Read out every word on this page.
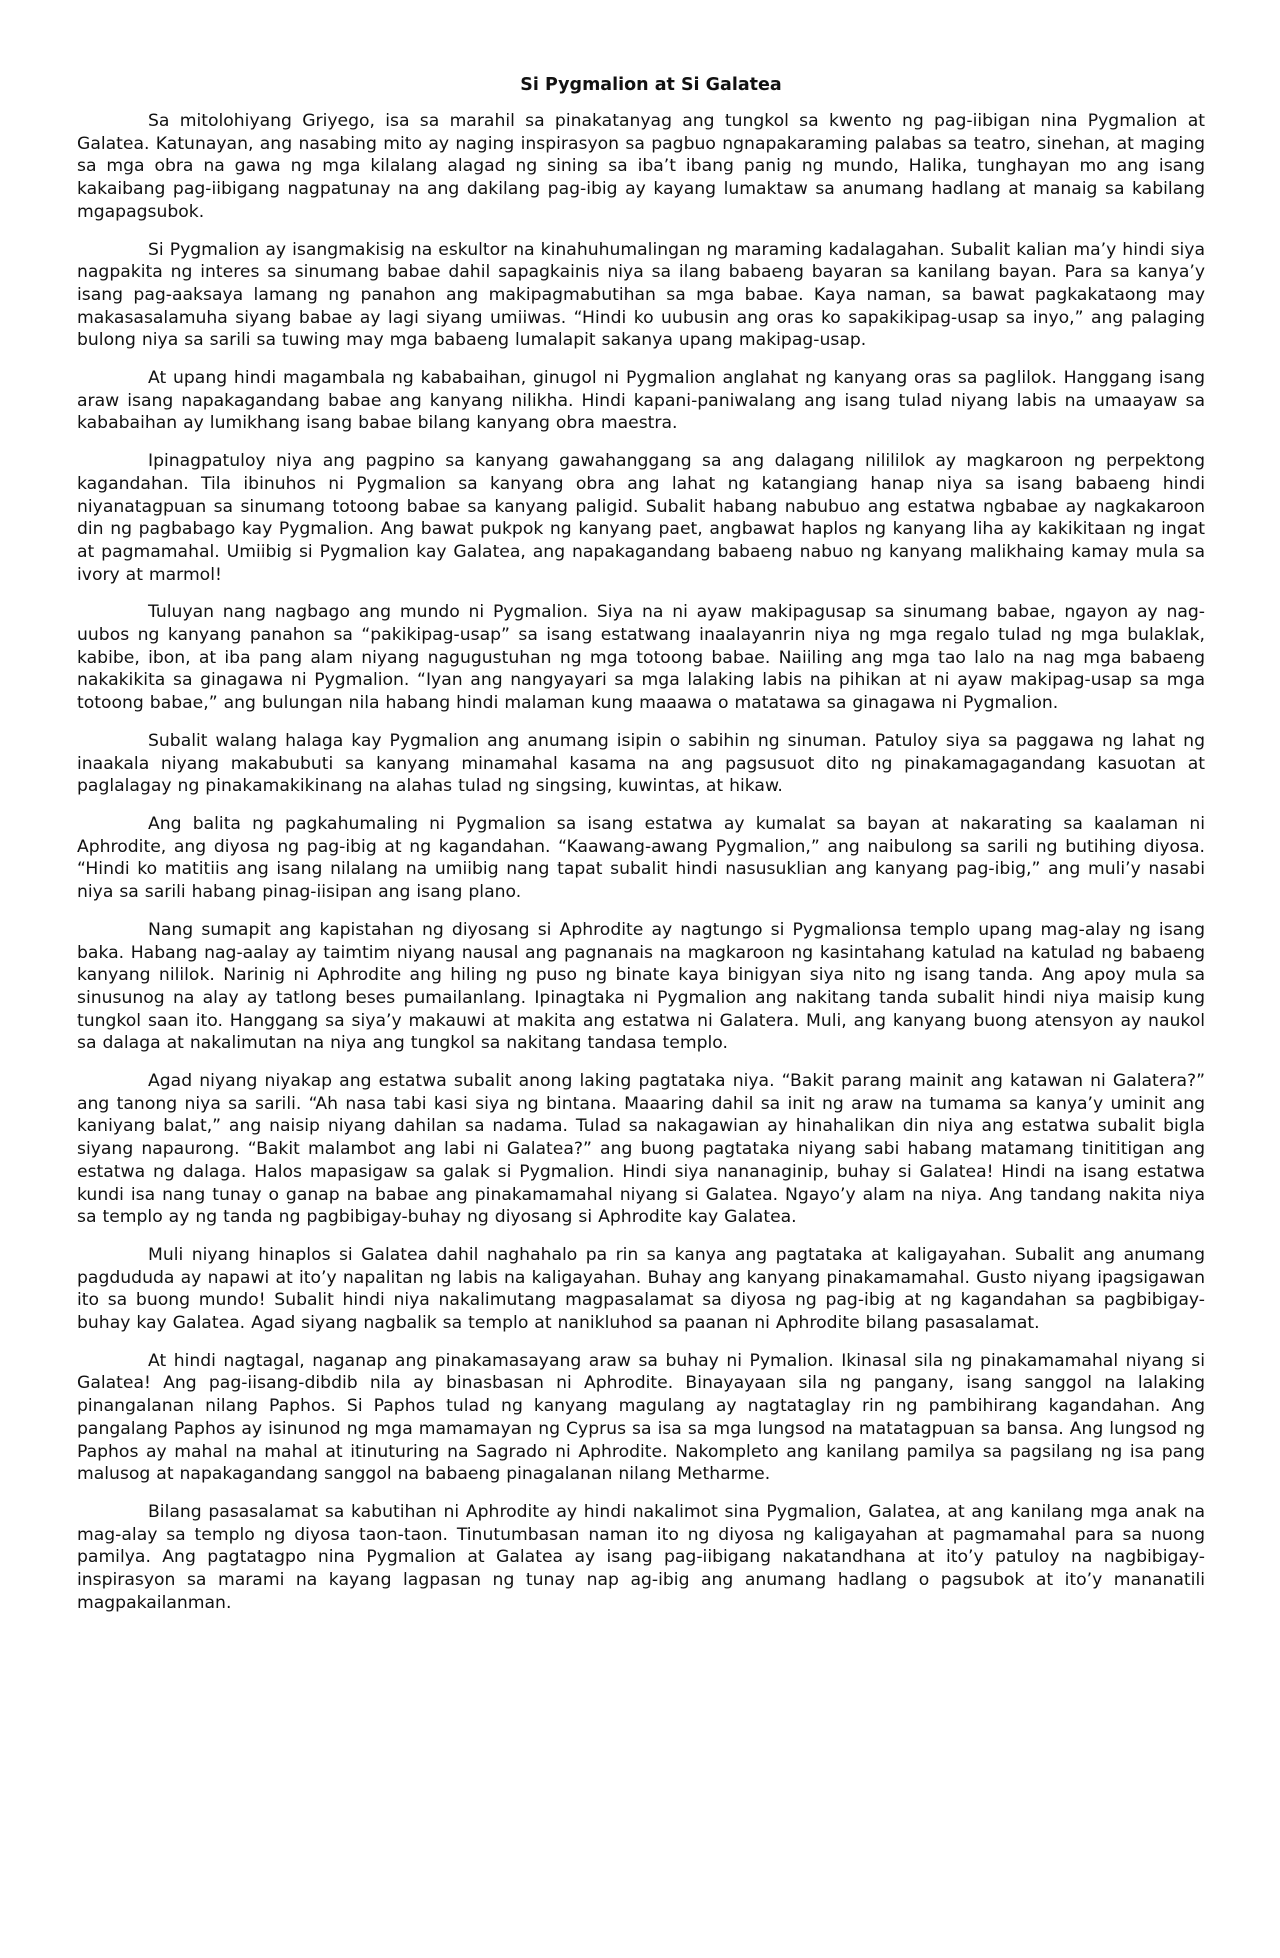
Si Pygmalion at Si Galatea

Sa mitolohiyang Griyego, isa sa marahil sa pinakatanyag ang tungkol sa kwento ng pag-iibigan nina Pygmalion at Galatea. Katunayan, ang nasabing mito ay naging inspirasyon sa pagbuo ngnapakaraming palabas sa teatro, sinehan, at maging sa mga obra na gawa ng mga kilalang alagad ng sining sa iba’t ibang panig ng mundo, Halika, tunghayan mo ang isang kakaibang pag-iibigang nagpatunay na ang dakilang pag-ibig ay kayang lumaktaw sa anumang hadlang at manaig sa kabilang mgapagsubok.

Si Pygmalion ay isangmakisig na eskultor na kinahuhumalingan ng maraming kadalagahan. Subalit kalian ma’y hindi siya nagpakita ng interes sa sinumang babae dahil sapagkainis niya sa ilang babaeng bayaran sa kanilang bayan. Para sa kanya’y isang pag-aaksaya lamang ng panahon ang makipagmabutihan sa mga babae. Kaya naman, sa bawat pagkakataong may makasasalamuha siyang babae ay lagi siyang umiiwas. “Hindi ko uubusin ang oras ko sapakikipag-usap sa inyo,” ang palaging bulong niya sa sarili sa tuwing may mga babaeng lumalapit sakanya upang makipag-usap.

At upang hindi magambala ng kababaihan, ginugol ni Pygmalion anglahat ng kanyang oras sa paglilok. Hanggang isang araw isang napakagandang babae ang kanyang nilikha. Hindi kapani-paniwalang ang isang tulad niyang labis na umaayaw sa kababaihan ay lumikhang isang babae bilang kanyang obra maestra.

Ipinagpatuloy niya ang pagpino sa kanyang gawahanggang sa ang dalagang nilililok ay magkaroon ng perpektong kagandahan. Tila ibinuhos ni Pygmalion sa kanyang obra ang lahat ng katangiang hanap niya sa isang babaeng hindi niyanatagpuan sa sinumang totoong babae sa kanyang paligid. Subalit habang nabubuo ang estatwa ngbabae ay nagkakaroon din ng pagbabago kay Pygmalion. Ang bawat pukpok ng kanyang paet, angbawat haplos ng kanyang liha ay kakikitaan ng ingat at pagmamahal. Umiibig si Pygmalion kay Galatea, ang napakagandang babaeng nabuo ng kanyang malikhaing kamay mula sa ivory at marmol!

Tuluyan nang nagbago ang mundo ni Pygmalion. Siya na ni ayaw makipagusap sa sinumang babae, ngayon ay nag-uubos ng kanyang panahon sa “pakikipag-usap” sa isang estatwang inaalayanrin niya ng mga regalo tulad ng mga bulaklak, kabibe, ibon, at iba pang alam niyang nagugustuhan ng mga totoong babae. Naiiling ang mga tao lalo na nag mga babaeng nakakikita sa ginagawa ni Pygmalion. “Iyan ang nangyayari sa mga lalaking labis na pihikan at ni ayaw makipag-usap sa mga totoong babae,” ang bulungan nila habang hindi malaman kung maaawa o matatawa sa ginagawa ni Pygmalion.

Subalit walang halaga kay Pygmalion ang anumang isipin o sabihin ng sinuman. Patuloy siya sa paggawa ng lahat ng inaakala niyang makabubuti sa kanyang minamahal kasama na ang pagsusuot dito ng pinakamagagandang kasuotan at paglalagay ng pinakamakikinang na alahas tulad ng singsing, kuwintas, at hikaw.

Ang balita ng pagkahumaling ni Pygmalion sa isang estatwa ay kumalat sa bayan at nakarating sa kaalaman ni Aphrodite, ang diyosa ng pag-ibig at ng kagandahan. “Kaawang-awang Pygmalion,” ang naibulong sa sarili ng butihing diyosa. “Hindi ko matitiis ang isang nilalang na umiibig nang tapat subalit hindi nasusuklian ang kanyang pag-ibig,” ang muli’y nasabi niya sa sarili habang pinag-iisipan ang isang plano.

Nang sumapit ang kapistahan ng diyosang si Aphrodite ay nagtungo si Pygmalionsa templo upang mag-alay ng isang baka. Habang nag-aalay ay taimtim niyang nausal ang pagnanais na magkaroon ng kasintahang katulad na katulad ng babaeng kanyang nililok. Narinig ni Aphrodite ang hiling ng puso ng binate kaya binigyan siya nito ng isang tanda. Ang apoy mula sa sinusunog na alay ay tatlong beses pumailanlang. Ipinagtaka ni Pygmalion ang nakitang tanda subalit hindi niya maisip kung tungkol saan ito. Hanggang sa siya’y makauwi at makita ang estatwa ni Galatera. Muli, ang kanyang buong atensyon ay naukol sa dalaga at nakalimutan na niya ang tungkol sa nakitang tandasa templo.

Agad niyang niyakap ang estatwa subalit anong laking pagtataka niya. “Bakit parang mainit ang katawan ni Galatera?” ang tanong niya sa sarili. “Ah nasa tabi kasi siya ng bintana. Maaaring dahil sa init ng araw na tumama sa kanya’y uminit ang kaniyang balat,” ang naisip niyang dahilan sa nadama. Tulad sa nakagawian ay hinahalikan din niya ang estatwa subalit bigla siyang napaurong. “Bakit malambot ang labi ni Galatea?” ang buong pagtataka niyang sabi habang matamang tinititigan ang estatwa ng dalaga. Halos mapasigaw sa galak si Pygmalion. Hindi siya nananaginip, buhay si Galatea! Hindi na isang estatwa kundi isa nang tunay o ganap na babae ang pinakamamahal niyang si Galatea. Ngayo’y alam na niya. Ang tandang nakita niya sa templo ay ng tanda ng pagbibigay-buhay ng diyosang si Aphrodite kay Galatea.

Muli niyang hinaplos si Galatea dahil naghahalo pa rin sa kanya ang pagtataka at kaligayahan. Subalit ang anumang pagdududa ay napawi at ito’y napalitan ng labis na kaligayahan. Buhay ang kanyang pinakamamahal. Gusto niyang ipagsigawan ito sa buong mundo! Subalit hindi niya nakalimutang magpasalamat sa diyosa ng pag-ibig at ng kagandahan sa pagbibigay-buhay kay Galatea. Agad siyang nagbalik sa templo at nanikluhod sa paanan ni Aphrodite bilang pasasalamat.

At hindi nagtagal, naganap ang pinakamasayang araw sa buhay ni Pymalion. Ikinasal sila ng pinakamamahal niyang si Galatea! Ang pag-iisang-dibdib nila ay binasbasan ni Aphrodite. Binayayaan sila ng pangany, isang sanggol na lalaking pinangalanan nilang Paphos. Si Paphos tulad ng kanyang magulang ay nagtataglay rin ng pambihirang kagandahan. Ang pangalang Paphos ay isinunod ng mga mamamayan ng Cyprus sa isa sa mga lungsod na matatagpuan sa bansa. Ang lungsod ng Paphos ay mahal na mahal at itinuturing na Sagrado ni Aphrodite. Nakompleto ang kanilang pamilya sa pagsilang ng isa pang malusog at napakagandang sanggol na babaeng pinagalanan nilang Metharme.

Bilang pasasalamat sa kabutihan ni Aphrodite ay hindi nakalimot sina Pygmalion, Galatea, at ang kanilang mga anak na mag-alay sa templo ng diyosa taon-taon. Tinutumbasan naman ito ng diyosa ng kaligayahan at pagmamahal para sa nuong pamilya. Ang pagtatagpo nina Pygmalion at Galatea ay isang pag-iibigang nakatandhana at ito’y patuloy na nagbibigay-inspirasyon sa marami na kayang lagpasan ng tunay nap ag-ibig ang anumang hadlang o pagsubok at ito’y mananatili magpakailanman.
